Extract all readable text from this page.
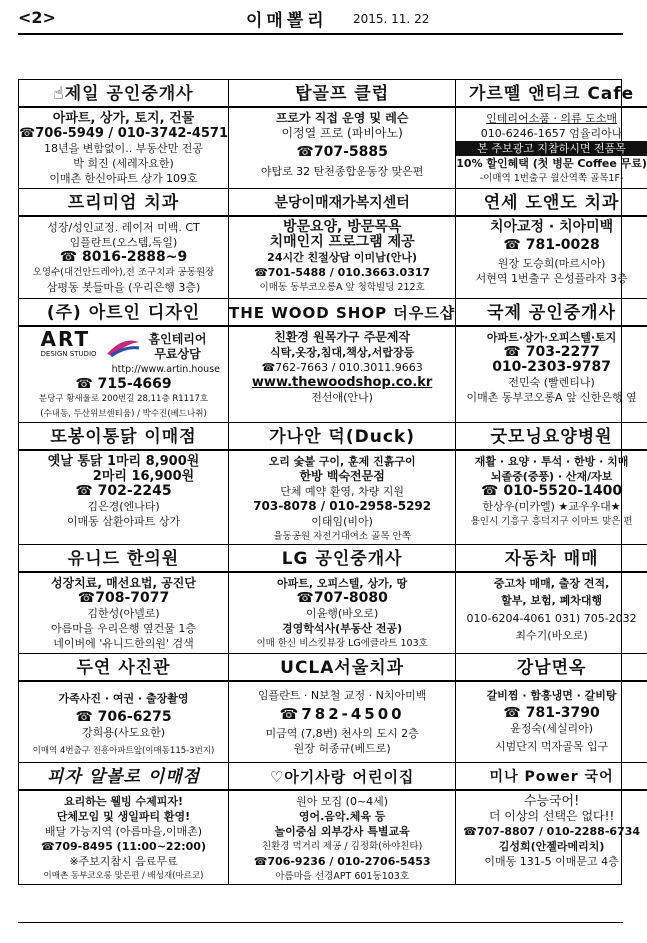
<2>	이매뽈리 2015. 11. 22
☝제일 공인중개사
아파트, 상가, 토지, 건물
☎706-5949 / 010-3742-4571
18년을 변함없이.. 부동산만 전공
박 희진 (세레자요한)
이매촌 한신아파트 상가 109호
탑골프 클럽
프로가 직접 운영 및 레슨
이정열 프로 (파비아노)
☎707-5885
야탑로 32 탄천종합운동장 맞은편
가르뗄 앤티크 Cafe
인테리어소품 · 의류 도소매
010-6246-1657 엄율리아나
본 주보광고 지참하시면 전품목
10% 할인혜택 (첫 병문 Coffee 무료)
-이매역 1번출구 월산역쪽 골목1F-
프리미엄 치과
성장/성인교정. 레이저 미백. CT
임플란트(오스템,독일)
☎ 8016-2888~9
오영수(대건안드레아),전 조구치과 공동원장
삼평동 봇들마을 (우리은행 3층)
분당이매재가복지센터
방문요양, 방문목욕
치매인지 프로그램 제공
24시간 친절상담 이미남(안나)
☎701-5488 / 010.3663.0317
이매동 동부코오롱A 앞 청학빌딩 212호
연세 도앤도 치과
치아교정 · 치아미백
☎ 781-0028
원장 도승희(마르시아)
서현역 1번출구 은성플라자 3층
(주) 아트인 디자인
ART
DESIGN STUDIO
홈인테리어
무료상담
http://www.artin.house
☎ 715-4669
분당구 황새울로 200번길 28,11층 R1117호
(수내동, 두산위브센티움) / 박수진(베드나취)
THE WOOD SHOP 더우드샵
친환경 원목가구 주문제작
식탁,옷장,침대,책상,서랍장등
☎762-7663 / 010.3011.9663
www.thewoodshop.co.kr
전선애(안나)
국제 공인중개사
아파트·상가·오피스텔·토지
☎ 703-2277
010-2303-9787
전민숙 (빨렌티나)
이매촌 동부코오롱A 앞 신한은행 옆
또봉이통닭 이매점
옛날 통닭 1마리 8,900원
2마리 16,900원
☎ 702-2245
김은경(엔나타)
이매동 삼환아파트 상가
가나안 덕(Duck)
오리 숯불 구이, 훈제 진흙구이
한방 백숙전문점
단체 예약 환영, 차량 지원
703-8078 / 010-2958-5292
이태임(비아)
율동공원 자전거대여소 골목 안쪽
굿모닝요양병원
재활 · 요양 · 투석 · 한방 · 치매
뇌졸중(중풍) · 산재/자보
☎ 010-5520-1400
한상우(미카엘) ★교우우대★
용인시 기흥구 흥덕지구 이마트 맞은 편
유니드 한의원
성장치료, 매선요법, 공진단
☎708-7077
김한성(아넬로)
아름마을 우리은행 옆건물 1층
네이버에 '유니드한의원' 검색
LG 공인중개사
아파트, 오피스텔, 상가, 땅
☎707-8080
이윤행(바오로)
경영학석사(부동산 전공)
이매 한신 비스킷뷰장 LG에클라트 103호
자동차 매매
중고차 매매, 출장 견적,
할부, 보험, 폐차대행
010-6204-4061 031) 705-2032
최수기(바오로)
두연 사진관
가족사진 · 여권 · 출장촬영
☎ 706-6275
강희용(사도요한)
이매역 4번출구 진흥아파트앞(이매동115-3번지)
UCLA서울치과
임플란트 · N보철 교정 · N치아미백
☎782-4500
미금역 (7,8번) 천사의 도시 2층
원장 허종규(베드로)
강남면옥
갈비찜 · 함흥냉면 · 갈비탕
☎ 781-3790
윤정숙(세실리아)
시범단지 먹자골목 입구
피자 알볼로 이매점
요리하는 웰빙 수제피자!
단체모임 및 생일파티 환영!
배달 가능지역 (아름마을,이매촌)
☎709-8495 (11:00~22:00)
※주보지참시 음료무료
이매촌 동부코오롱 맞은편 / 배성재(마르코)
♡아기사랑 어린이집
원아 모집 (0~4세)
영어.음악.체육 등
놀이중심 외부강사 특별교육
친환경 먹거리 제공 / 김정화(하야친타)
☎706-9236 / 010-2706-5453
아름마을 선경APT 601동103호
미나 Power 국어
수능국어!
더 이상의 선택은 없다!!
☎707-8807 / 010-2288-6734
김성희(안젤라메리치)
이매동 131-5 이매문고 4층
